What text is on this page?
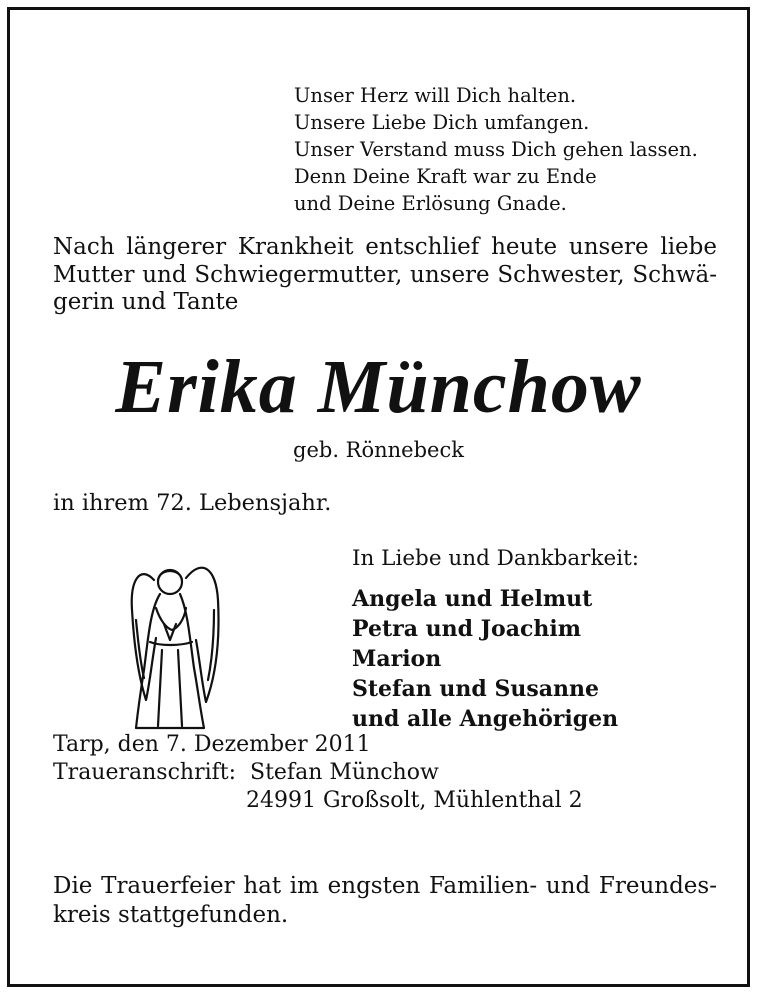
Unser Herz will Dich halten.
Unsere Liebe Dich umfangen.
Unser Verstand muss Dich gehen lassen.
Denn Deine Kraft war zu Ende
und Deine Erlösung Gnade.
Nach längerer Krankheit entschlief heute unsere liebe
Mutter und Schwiegermutter, unsere Schwester, Schwä-
gerin und Tante
Erika Münchow
geb. Rönnebeck
in ihrem 72. Lebensjahr.
In Liebe und Dankbarkeit:
Angela und Helmut
Petra und Joachim
Marion
Stefan und Susanne
und alle Angehörigen
Tarp, den 7. Dezember 2011
Traueranschrift: Stefan Münchow
24991 Großsolt, Mühlenthal 2
Die Trauerfeier hat im engsten Familien- und Freundes-
kreis stattgefunden.
